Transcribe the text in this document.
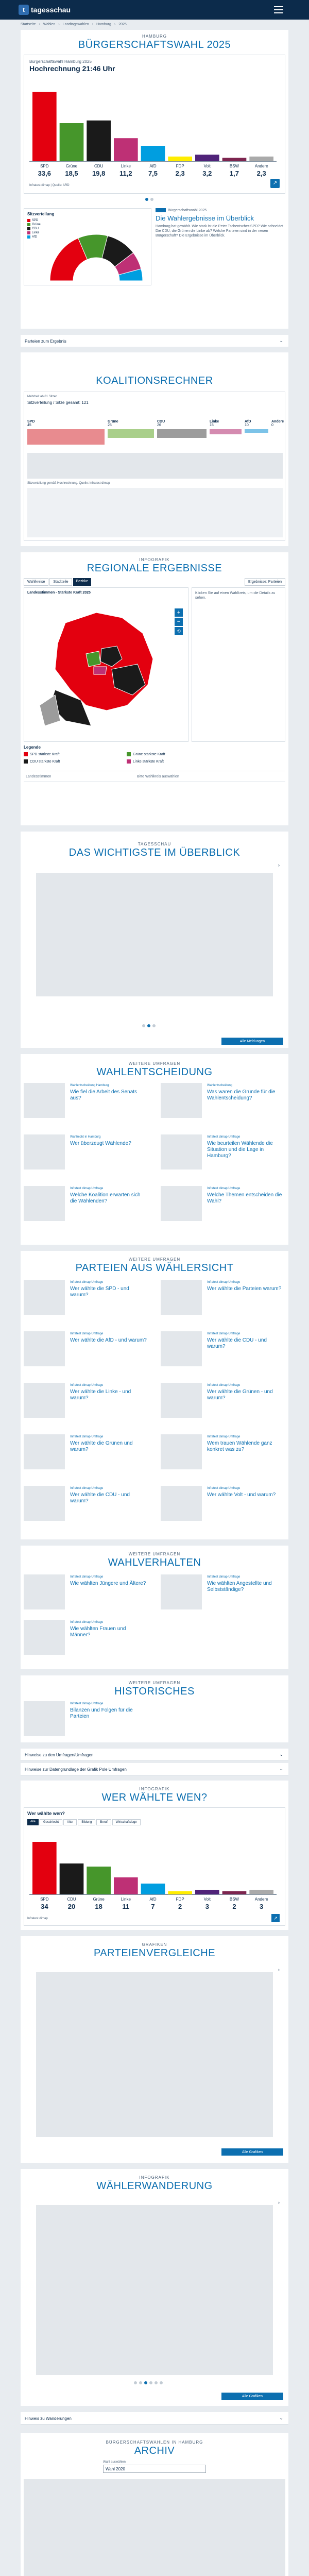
t tagesschau
Startseite › Wahlen › Landtagswahlen › Hamburg › 2025
HAMBURG
BÜRGERSCHAFTSWAHL 2025
Bürgerschaftswahl Hamburg 2025
Hochrechnung 21:46 Uhr
SPD
33,6
Grüne
18,5
CDU
19,8
Linke
11,2
AfD
7,5
FDP
2,3
Volt
3,2
BSW
1,7
Andere
2,3
Infratest dimap | Quelle: ARD	↗
Sitzverteilung
SPD
Grüne
CDU
Linke
AfD
Bürgerschaftswahl 2025
Die Wahlergebnisse im Überblick
Hamburg hat gewählt. Wie stark ist die Peter Tschentscher-SPD? Wie schneidet Die CDU, die Grünen die Linke ab? Welche Parteien sind in der neuen Bürgerschaft? Die Ergebnisse im Überblick.
Parteien zum Ergebnis	⌄
KOALITIONSRECHNER
Mehrheit ab 61 Sitzen
Sitzverteilung / Sitze gesamt: 121
SPD
45
Grüne
25
CDU
26
Linke
15
AfD
10
Andere
0
Sitzverteilung gemäß Hochrechnung. Quelle: infratest dimap
INFOGRAFIK
REGIONALE ERGEBNISSE
Wahlkreise	Stadtteile	Bezirke	Ergebnisse: Parteien
Landesstimmen - Stärkste Kraft 2025
+
−
⟲
Klicken Sie auf einen Wahlkreis, um die Details zu sehen.
Legende
SPD stärkste Kraft	Grüne stärkste Kraft
CDU stärkste Kraft	Linke stärkste Kraft
Landesstimmen	Bitte Wahlkreis auswählen
TAGESSCHAU
DAS WICHTIGSTE IM ÜBERBLICK
›
Alle Meldungen
WEITERE UMFRAGEN
WAHLENTSCHEIDUNG
Wahlentscheidung Hamburg
Wie fiel die Arbeit des Senats aus?
Wahlentscheidung
Was waren die Gründe für die Wahlentscheidung?
Wahlrecht in Hamburg
Wer überzeugt Wählende?
Infratest dimap Umfrage
Wie beurteilen Wählende die Situation und die Lage in Hamburg?
Infratest dimap Umfrage
Welche Koalition erwarten sich die Wählenden?
Infratest dimap Umfrage
Welche Themen entscheiden die Wahl?
WEITERE UMFRAGEN
PARTEIEN AUS WÄHLERSICHT
Infratest dimap Umfrage
Wer wählte die SPD - und warum?
Infratest dimap Umfrage
Wer wählte die Parteien warum?
Infratest dimap Umfrage
Wer wählte die AfD - und warum?
Infratest dimap Umfrage
Wer wählte die CDU - und warum?
Infratest dimap Umfrage
Wer wählte die Linke - und warum?
Infratest dimap Umfrage
Wer wählte die Grünen - und warum?
Infratest dimap Umfrage
Wer wählte die Grünen und warum?
Infratest dimap Umfrage
Wem trauen Wählende ganz konkret was zu?
Infratest dimap Umfrage
Wer wählte die CDU - und warum?
Infratest dimap Umfrage
Wer wählte Volt - und warum?
WEITERE UMFRAGEN
WAHLVERHALTEN
Infratest dimap Umfrage
Wie wählten Jüngere und Ältere?
Infratest dimap Umfrage
Wie wählten Angestellte und Selbstständige?
Infratest dimap Umfrage
Wie wählten Frauen und Männer?
WEITERE UMFRAGEN
HISTORISCHES
Infratest dimap Umfrage
Bilanzen und Folgen für die Parteien
Hinweise zu den Umfragen/Umfragen	⌄
Hinweise zur Datengrundlage der Grafik Pole Umfragen	⌄
INFOGRAFIK
WER WÄHLTE WEN?
Wer wählte wen?
Alle	Geschlecht	Alter	Bildung	Beruf	Wirtschaftslage
SPD
34
CDU
20
Grüne
18
Linke
11
AfD
7
FDP
2
Volt
3
BSW
2
Andere
3
Infratest dimap	↗
GRAFIKEN
PARTEIENVERGLEICHE
›
Alle Grafiken
INFOGRAFIK
WÄHLERWANDERUNG
›
Alle Grafiken
Hinweis zu Wanderungen	⌄
BÜRGERSCHAFTSWAHLEN IN HAMBURG
ARCHIV
Wahl auswählen
Wahl 2020
